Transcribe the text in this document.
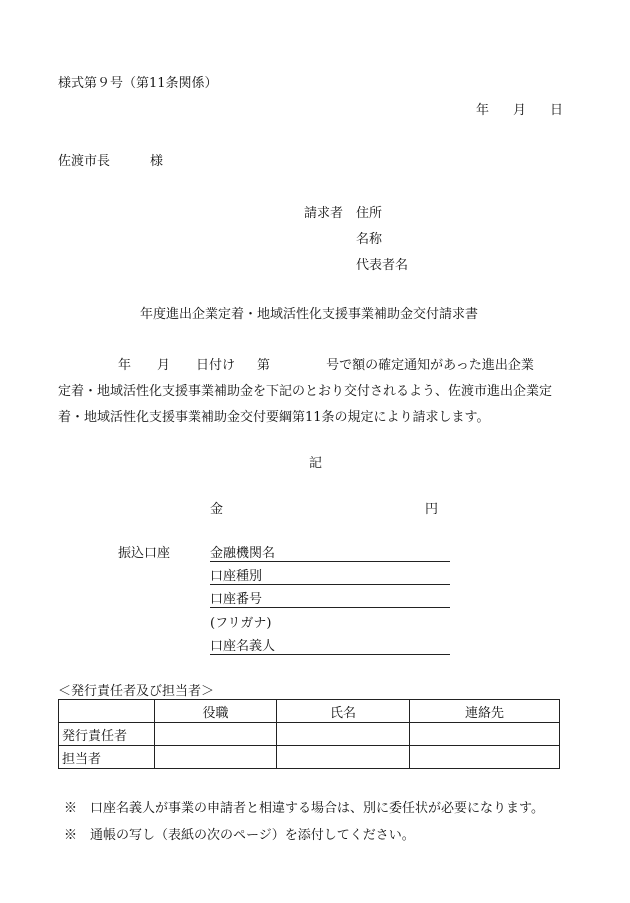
様式第９号（第11条関係）
年 月 日
佐渡市長	様
請求者 住所
名称
代表者名
年度進出企業定着・地域活性化支援事業補助金交付請求書
年 月 日付け 第	号で額の確定通知があった進出企業
定着・地域活性化支援事業補助金を下記のとおり交付されるよう、佐渡市進出企業定
着・地域活性化支援事業補助金交付要綱第11条の規定により請求します。
記
金	円
振込口座	金融機関名
口座種別
口座番号
(フリガナ)
口座名義人
＜発行責任者及び担当者＞
	役職	氏名	連絡先
発行責任者			
担当者			
※　口座名義人が事業の申請者と相違する場合は、別に委任状が必要になります。
※　通帳の写し（表紙の次のページ）を添付してください。
